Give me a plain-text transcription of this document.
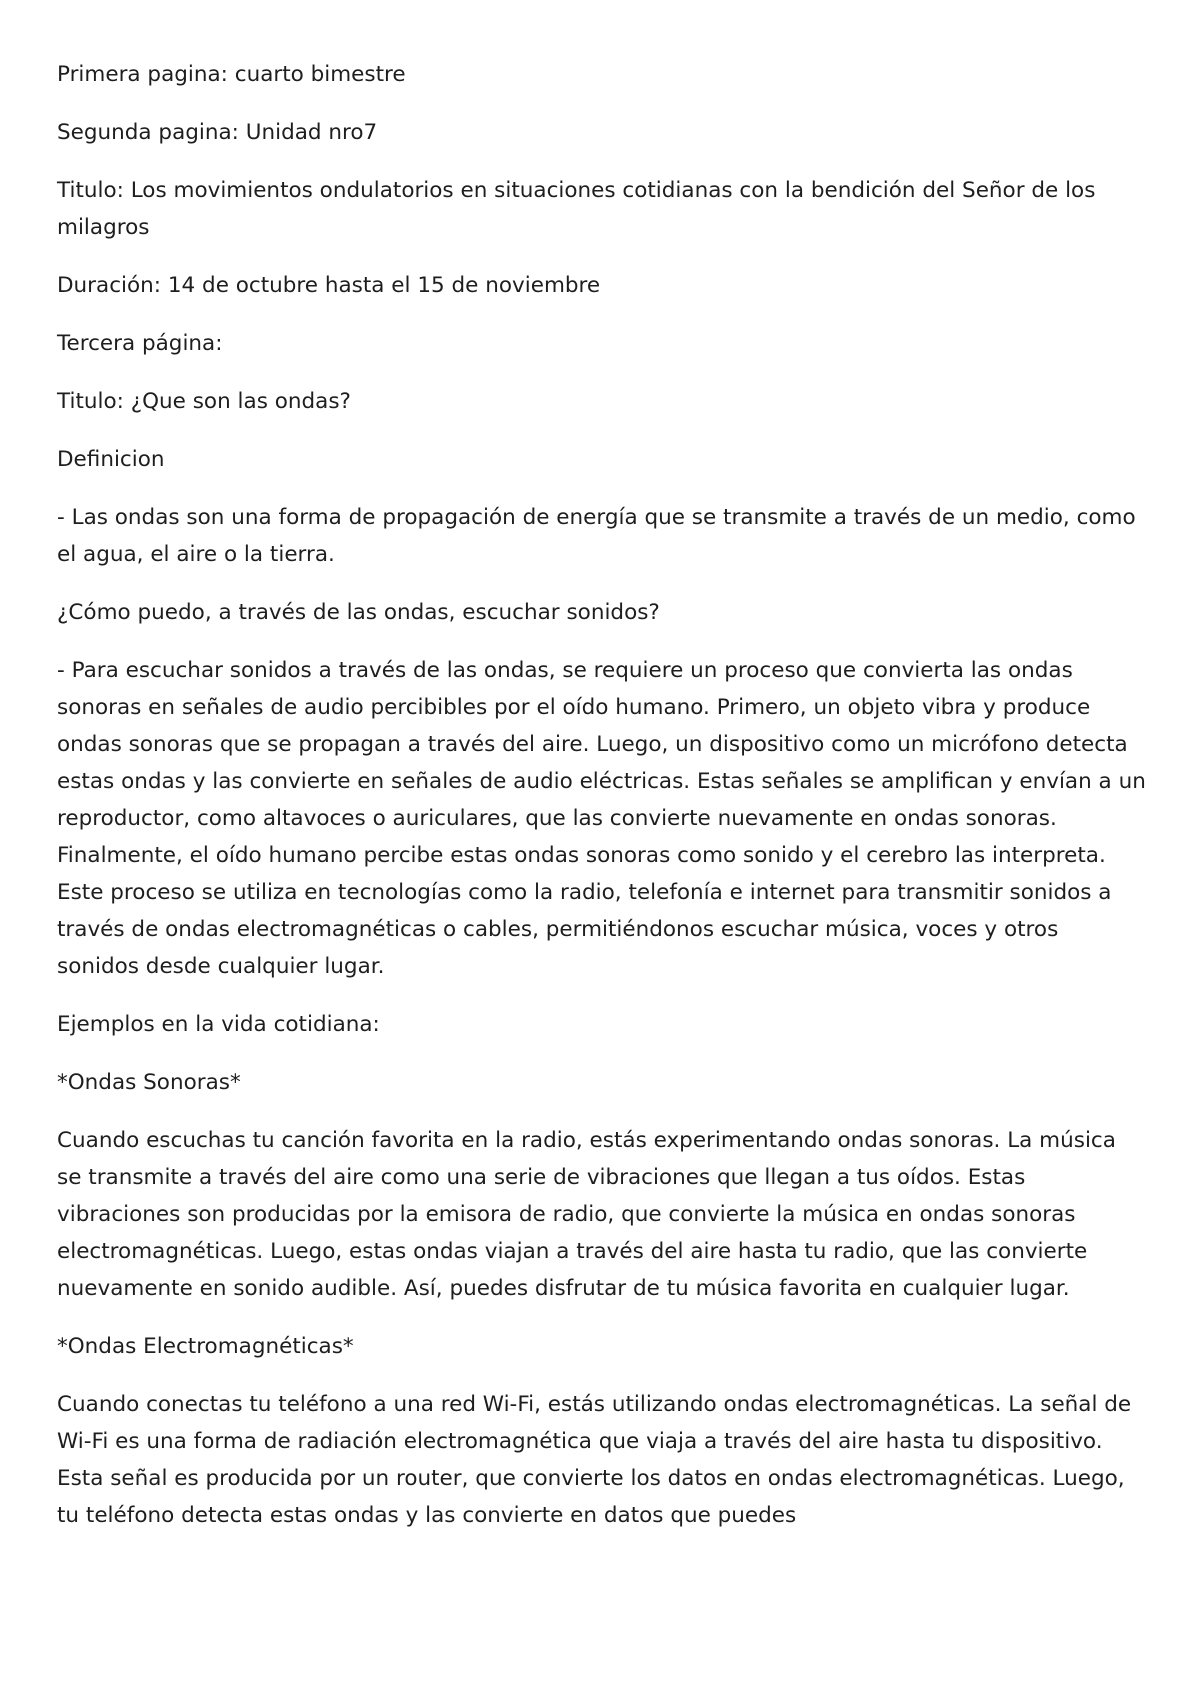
Primera pagina: cuarto bimestre

Segunda pagina: Unidad nro7

Titulo: Los movimientos ondulatorios en situaciones cotidianas con la bendición del Señor de los milagros

Duración: 14 de octubre hasta el 15 de noviembre

Tercera página:

Titulo: ¿Que son las ondas?

Definicion

- Las ondas son una forma de propagación de energía que se transmite a través de un medio, como el agua, el aire o la tierra.

¿Cómo puedo, a través de las ondas, escuchar sonidos?

- Para escuchar sonidos a través de las ondas, se requiere un proceso que convierta las ondas sonoras en señales de audio percibibles por el oído humano. Primero, un objeto vibra y produce ondas sonoras que se propagan a través del aire. Luego, un dispositivo como un micrófono detecta estas ondas y las convierte en señales de audio eléctricas. Estas señales se amplifican y envían a un reproductor, como altavoces o auriculares, que las convierte nuevamente en ondas sonoras. Finalmente, el oído humano percibe estas ondas sonoras como sonido y el cerebro las interpreta. Este proceso se utiliza en tecnologías como la radio, telefonía e internet para transmitir sonidos a través de ondas electromagnéticas o cables, permitiéndonos escuchar música, voces y otros sonidos desde cualquier lugar.

Ejemplos en la vida cotidiana:

*Ondas Sonoras*

Cuando escuchas tu canción favorita en la radio, estás experimentando ondas sonoras. La música se transmite a través del aire como una serie de vibraciones que llegan a tus oídos. Estas vibraciones son producidas por la emisora de radio, que convierte la música en ondas sonoras electromagnéticas. Luego, estas ondas viajan a través del aire hasta tu radio, que las convierte nuevamente en sonido audible. Así, puedes disfrutar de tu música favorita en cualquier lugar.

*Ondas Electromagnéticas*

Cuando conectas tu teléfono a una red Wi-Fi, estás utilizando ondas electromagnéticas. La señal de Wi-Fi es una forma de radiación electromagnética que viaja a través del aire hasta tu dispositivo. Esta señal es producida por un router, que convierte los datos en ondas electromagnéticas. Luego, tu teléfono detecta estas ondas y las convierte en datos que puedes
